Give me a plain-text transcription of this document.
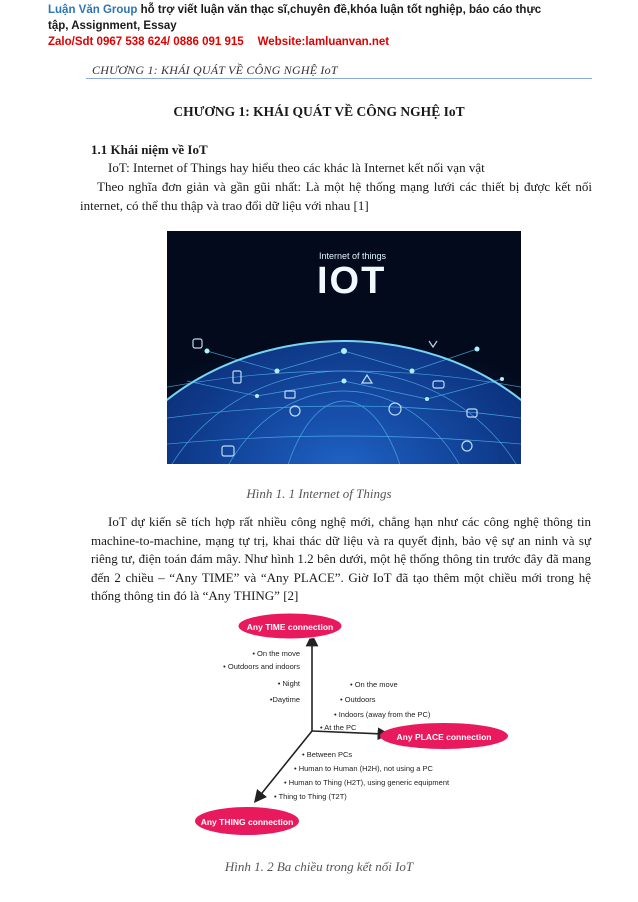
Luận Văn Group hỗ trợ viết luận văn thạc sĩ,chuyên đề,khóa luận tốt nghiệp, báo cáo thực
tập, Assignment, Essay
Zalo/Sdt 0967 538 624/ 0886 091 915 Website:lamluanvan.net
CHƯƠNG 1: KHÁI QUÁT VỀ CÔNG NGHỆ IoT
CHƯƠNG 1: KHÁI QUÁT VỀ CÔNG NGHỆ IoT
1.1 Khái niệm về IoT
IoT: Internet of Things hay hiểu theo các khác là Internet kết nối vạn vật
Theo nghĩa đơn giản và gần gũi nhất: Là một hệ thống mạng lưới các thiết bị được kết nối internet, có thể thu thập và trao đổi dữ liệu với nhau [1]
Internet of things
IOT
Hình 1. 1 Internet of Things
IoT dự kiến sẽ tích hợp rất nhiều công nghệ mới, chẳng hạn như các công nghệ thông tin machine-to-machine, mạng tự trị, khai thác dữ liệu và ra quyết định, bảo vệ sự an ninh và sự riêng tư, điện toán đám mây. Như hình 1.2 bên dưới, một hệ thống thông tin trước đây đã mang đến 2 chiều – “Any TIME” và “Any PLACE”. Giờ IoT đã tạo thêm một chiều mới trong hệ thống thông tin đó là “Any THING” [2]
Any TIME connection
Any PLACE connection
Any THING connection
• On the move
• Outdoors and indoors
• Night
•Daytime
• On the move
• Outdoors
• Indoors (away from the PC)
• At the PC
• Between PCs
• Human to Human (H2H), not using a PC
• Human to Thing (H2T), using generic equipment
• Thing to Thing (T2T)
Hình 1. 2 Ba chiều trong kết nối IoT
